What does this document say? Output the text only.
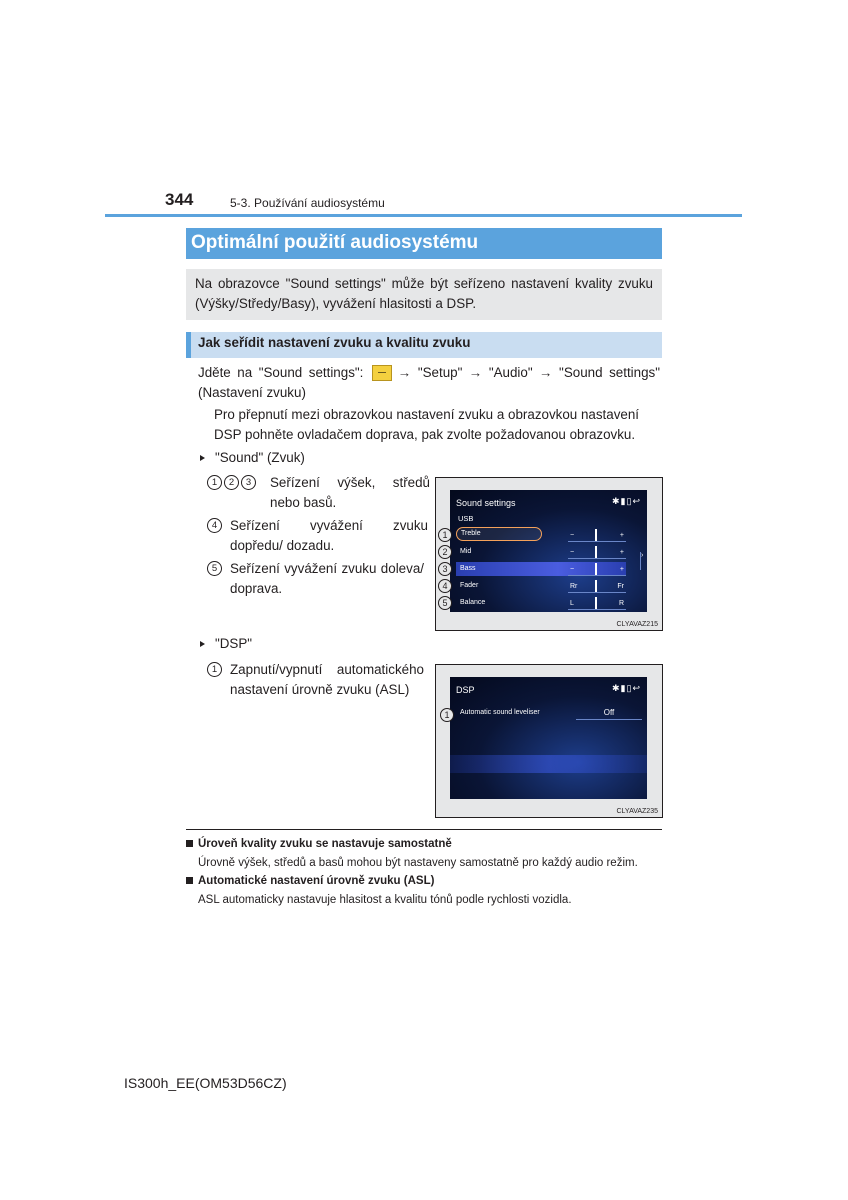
344	5-3. Používání audiosystému
Optimální použití audiosystému
Na obrazovce "Sound settings" může být seřízeno nastavení kvality zvuku (Výšky/Středy/Basy), vyvážení hlasitosti a DSP.
Jak seřídit nastavení zvuku a kvalitu zvuku
Jděte na "Sound settings":	→ "Setup" → "Audio" → "Sound settings" (Nastavení zvuku)
Pro přepnutí mezi obrazovkou nastavení zvuku a obrazovkou nastavení DSP pohněte ovladačem doprava, pak zvolte požadovanou obrazovku.
"Sound" (Zvuk)
1 2 3	Seřízení výšek, středů nebo basů.
4 Seřízení vyvážení zvuku dopředu/ dozadu.
5 Seřízení vyvážení zvuku doleva/ doprava.
Sound settings	✱▮▯↩
USB
Treble	−	+
Mid	−	+
Bass	−	+
Fader	Rr	Fr
Balance	L	R
›
1
2
3
4
5
CLYAVAZ215
"DSP"
1 Zapnutí/vypnutí automatického nastavení úrovně zvuku (ASL)	DSP	✱▮▯↩
Automatic sound leveliser	Off
1
CLYAVAZ235
Úroveň kvality zvuku se nastavuje samostatně
Úrovně výšek, středů a basů mohou být nastaveny samostatně pro každý audio režim.
Automatické nastavení úrovně zvuku (ASL)
ASL automaticky nastavuje hlasitost a kvalitu tónů podle rychlosti vozidla.
IS300h_EE(OM53D56CZ)
